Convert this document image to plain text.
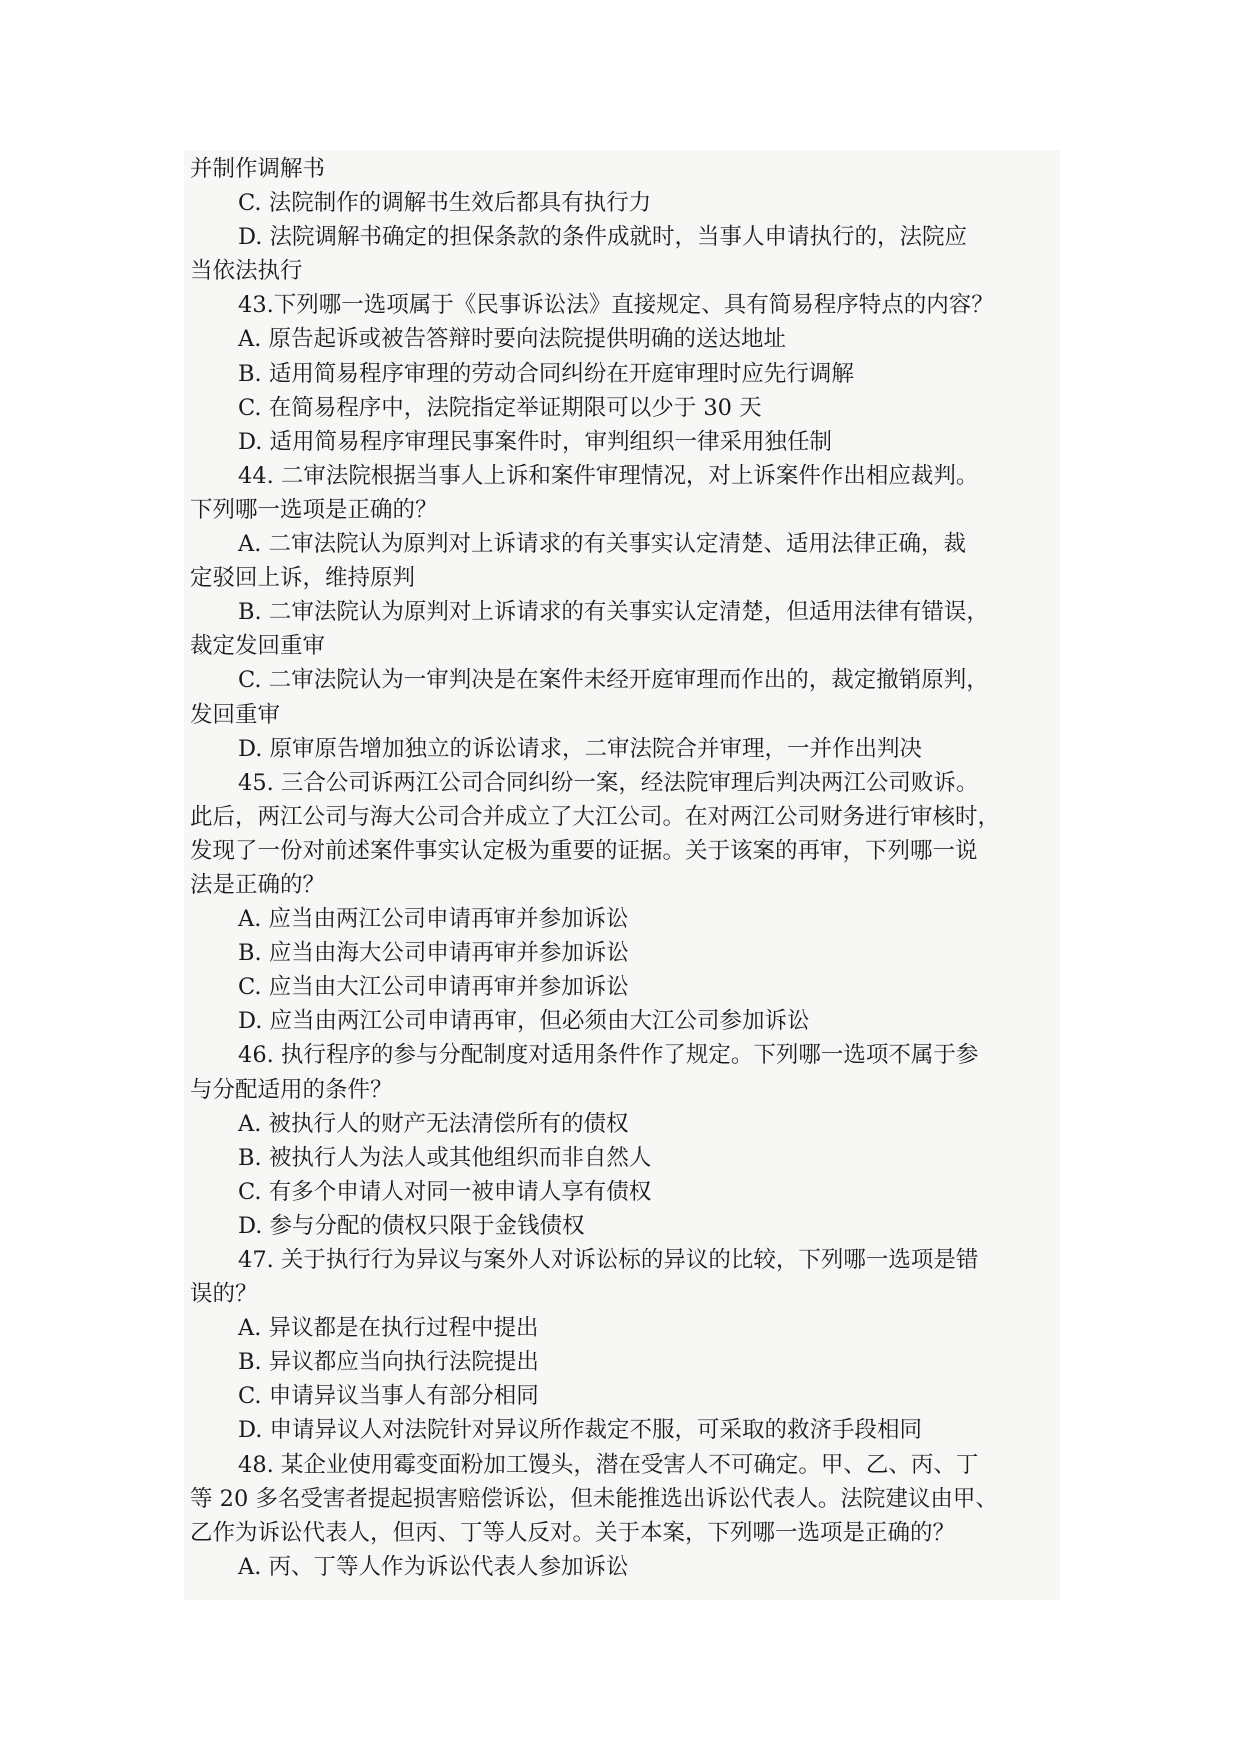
并制作调解书
C. 法院制作的调解书生效后都具有执行力
D. 法院调解书确定的担保条款的条件成就时，当事人申请执行的，法院应
当依法执行
43.下列哪一选项属于《民事诉讼法》直接规定、具有简易程序特点的内容？
A. 原告起诉或被告答辩时要向法院提供明确的送达地址
B. 适用简易程序审理的劳动合同纠纷在开庭审理时应先行调解
C. 在简易程序中，法院指定举证期限可以少于 30 天
D. 适用简易程序审理民事案件时，审判组织一律采用独任制
44. 二审法院根据当事人上诉和案件审理情况，对上诉案件作出相应裁判。
下列哪一选项是正确的？
A. 二审法院认为原判对上诉请求的有关事实认定清楚、适用法律正确，裁
定驳回上诉，维持原判
B. 二审法院认为原判对上诉请求的有关事实认定清楚，但适用法律有错误，
裁定发回重审
C. 二审法院认为一审判决是在案件未经开庭审理而作出的，裁定撤销原判，
发回重审
D. 原审原告增加独立的诉讼请求，二审法院合并审理，一并作出判决
45. 三合公司诉两江公司合同纠纷一案，经法院审理后判决两江公司败诉。
此后，两江公司与海大公司合并成立了大江公司。在对两江公司财务进行审核时，
发现了一份对前述案件事实认定极为重要的证据。关于该案的再审，下列哪一说
法是正确的？
A. 应当由两江公司申请再审并参加诉讼
B. 应当由海大公司申请再审并参加诉讼
C. 应当由大江公司申请再审并参加诉讼
D. 应当由两江公司申请再审，但必须由大江公司参加诉讼
46. 执行程序的参与分配制度对适用条件作了规定。下列哪一选项不属于参
与分配适用的条件？
A. 被执行人的财产无法清偿所有的债权
B. 被执行人为法人或其他组织而非自然人
C. 有多个申请人对同一被申请人享有债权
D. 参与分配的债权只限于金钱债权
47. 关于执行行为异议与案外人对诉讼标的异议的比较，下列哪一选项是错
误的？
A. 异议都是在执行过程中提出
B. 异议都应当向执行法院提出
C. 申请异议当事人有部分相同
D. 申请异议人对法院针对异议所作裁定不服，可采取的救济手段相同
48. 某企业使用霉变面粉加工馒头，潜在受害人不可确定。甲、乙、丙、丁
等 20 多名受害者提起损害赔偿诉讼，但未能推选出诉讼代表人。法院建议由甲、
乙作为诉讼代表人，但丙、丁等人反对。关于本案，下列哪一选项是正确的？
A. 丙、丁等人作为诉讼代表人参加诉讼
